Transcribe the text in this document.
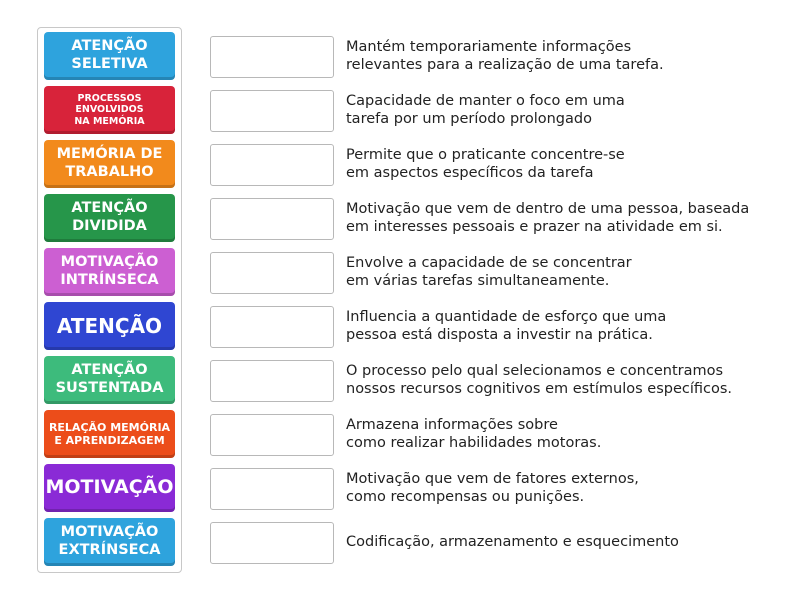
ATENÇÃO
SELETIVA
PROCESSOS
ENVOLVIDOS
NA MEMÓRIA
MEMÓRIA DE
TRABALHO
ATENÇÃO
DIVIDIDA
MOTIVAÇÃO
INTRÍNSECA
ATENÇÃO
ATENÇÃO
SUSTENTADA
RELAÇÃO MEMÓRIA
E APRENDIZAGEM
MOTIVAÇÃO
MOTIVAÇÃO
EXTRÍNSECA
Mantém temporariamente informações
relevantes para a realização de uma tarefa.
Capacidade de manter o foco em uma
tarefa por um período prolongado
Permite que o praticante concentre-se
em aspectos específicos da tarefa
Motivação que vem de dentro de uma pessoa, baseada
em interesses pessoais e prazer na atividade em si.
Envolve a capacidade de se concentrar
em várias tarefas simultaneamente.
Influencia a quantidade de esforço que uma
pessoa está disposta a investir na prática.
O processo pelo qual selecionamos e concentramos
nossos recursos cognitivos em estímulos específicos.
Armazena informações sobre
como realizar habilidades motoras.
Motivação que vem de fatores externos,
como recompensas ou punições.
Codificação, armazenamento e esquecimento
